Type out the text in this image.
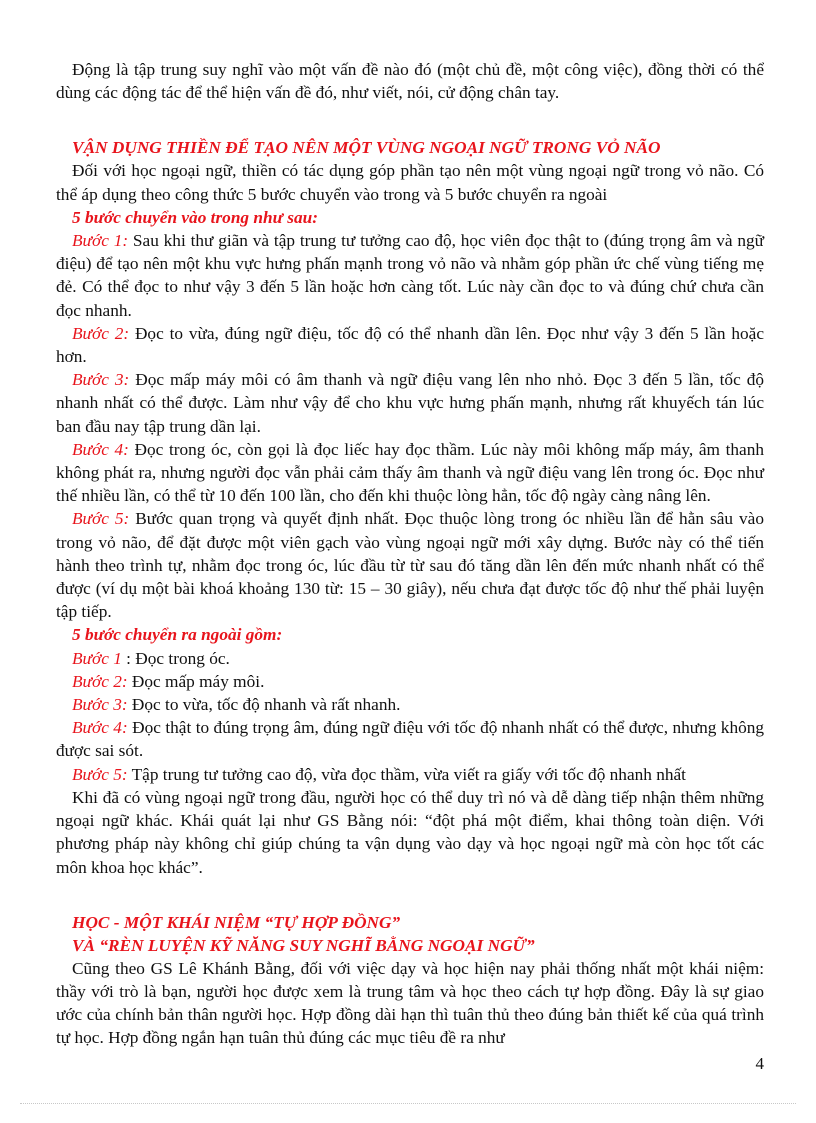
Động là tập trung suy nghĩ vào một vấn đề nào đó (một chủ đề, một công việc), đồng thời có thể dùng các động tác để thể hiện vấn đề đó, như viết, nói, cử động chân tay.

VẬN DỤNG THIỀN ĐỂ TẠO NÊN MỘT VÙNG NGOẠI NGỮ TRONG VỎ NÃO

Đối với học ngoại ngữ, thiền có tác dụng góp phần tạo nên một vùng ngoại ngữ trong vỏ não. Có thể áp dụng theo công thức 5 bước chuyển vào trong và 5 bước chuyển ra ngoài

5 bước chuyển vào trong như sau:

Bước 1: Sau khi thư giãn và tập trung tư tưởng cao độ, học viên đọc thật to (đúng trọng âm và ngữ điệu) để tạo nên một khu vực hưng phấn mạnh trong vỏ não và nhằm góp phần ức chế vùng tiếng mẹ đẻ. Có thể đọc to như vậy 3 đến 5 lần hoặc hơn càng tốt. Lúc này cần đọc to và đúng chứ chưa cần đọc nhanh.

Bước 2: Đọc to vừa, đúng ngữ điệu, tốc độ có thể nhanh dần lên. Đọc như vậy 3 đến 5 lần hoặc hơn.

Bước 3: Đọc mấp máy môi có âm thanh và ngữ điệu vang lên nho nhỏ. Đọc 3 đến 5 lần, tốc độ nhanh nhất có thể được. Làm như vậy để cho khu vực hưng phấn mạnh, nhưng rất khuyếch tán lúc ban đầu nay tập trung dần lại.

Bước 4: Đọc trong óc, còn gọi là đọc liếc hay đọc thầm. Lúc này môi không mấp máy, âm thanh không phát ra, nhưng người đọc vẫn phải cảm thấy âm thanh và ngữ điệu vang lên trong óc. Đọc như thế nhiều lần, có thể từ 10 đến 100 lần, cho đến khi thuộc lòng hẳn, tốc độ ngày càng nâng lên.

Bước 5: Bước quan trọng và quyết định nhất. Đọc thuộc lòng trong óc nhiều lần để hằn sâu vào trong vỏ não, để đặt được một viên gạch vào vùng ngoại ngữ mới xây dựng. Bước này có thể tiến hành theo trình tự, nhằm đọc trong óc, lúc đầu từ từ sau đó tăng dần lên đến mức nhanh nhất có thể được (ví dụ một bài khoá khoảng 130 từ: 15 – 30 giây), nếu chưa đạt được tốc độ như thế phải luyện tập tiếp.

5 bước chuyển ra ngoài gồm:

Bước 1 : Đọc trong óc.

Bước 2: Đọc mấp máy môi.

Bước 3: Đọc to vừa, tốc độ nhanh và rất nhanh.

Bước 4: Đọc thật to đúng trọng âm, đúng ngữ điệu với tốc độ nhanh nhất có thể được, nhưng không được sai sót.

Bước 5: Tập trung tư tưởng cao độ, vừa đọc thầm, vừa viết ra giấy với tốc độ nhanh nhất

Khi đã có vùng ngoại ngữ trong đầu, người học có thể duy trì nó và dễ dàng tiếp nhận thêm những ngoại ngữ khác. Khái quát lại như GS Bằng nói: “đột phá một điểm, khai thông toàn diện. Với phương pháp này không chỉ giúp chúng ta vận dụng vào dạy và học ngoại ngữ mà còn học tốt các môn khoa học khác”.

HỌC - MỘT KHÁI NIỆM “TỰ HỢP ĐỒNG”
VÀ “RÈN LUYỆN KỸ NĂNG SUY NGHĨ BẰNG NGOẠI NGỮ”

Cũng theo GS Lê Khánh Bằng, đối với việc dạy và học hiện nay phải thống nhất một khái niệm: thầy với trò là bạn, người học được xem là trung tâm và học theo cách tự hợp đồng. Đây là sự giao ước của chính bản thân người học. Hợp đồng dài hạn thì tuân thủ theo đúng bản thiết kế của quá trình tự học. Hợp đồng ngắn hạn tuân thủ đúng các mục tiêu đề ra như

4
